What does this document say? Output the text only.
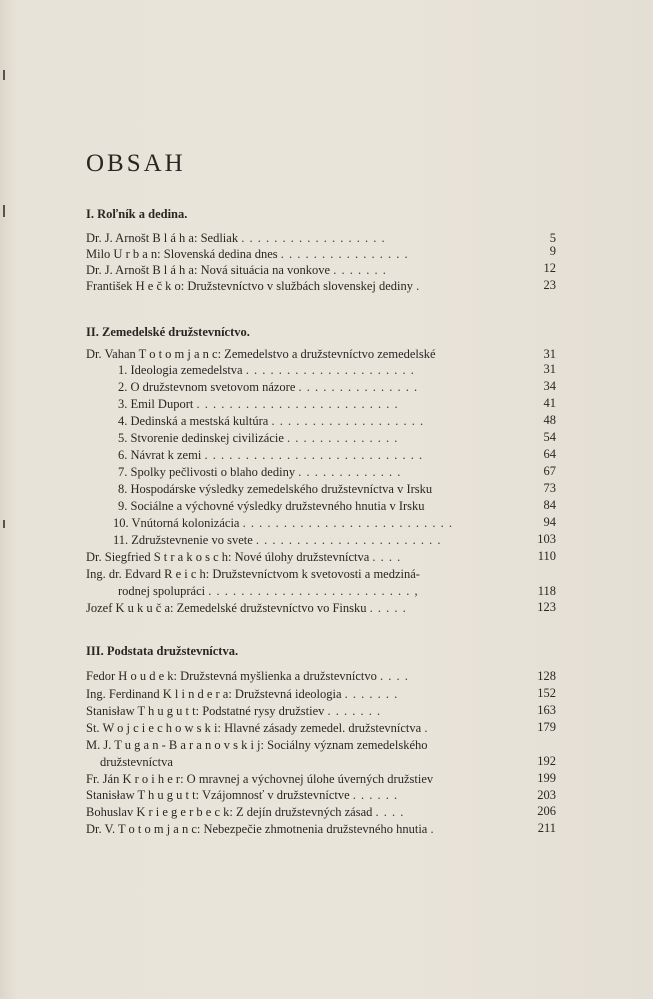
OBSAH
I. Roľník a dedina.
Dr. J. Arnošt B l á h a: Sedliak . . . . . . . . . . . . . . . . . .	5
Milo U r b a n: Slovenská dedina dnes . . . . . . . . . . . . . . . .	9
Dr. J. Arnošt B l á h a: Nová situácia na vonkove . . . . . . .	12
František H e č k o: Družstevníctvo v službách slovenskej dediny .	23
II. Zemedelské družstevníctvo.
Dr. Vahan T o t o m j a n c: Zemedelstvo a družstevníctvo zemedelské	31
1. Ideologia zemedelstva . . . . . . . . . . . . . . . . . . . . .	31
2. O družstevnom svetovom názore . . . . . . . . . . . . . . .	34
3. Emil Duport . . . . . . . . . . . . . . . . . . . . . . . . .	41
4. Dedinská a mestská kultúra . . . . . . . . . . . . . . . . . . .	48
5. Stvorenie dedinskej civilizácie . . . . . . . . . . . . . .	54
6. Návrat k zemi . . . . . . . . . . . . . . . . . . . . . . . . . . .	64
7. Spolky pečlivosti o blaho dediny . . . . . . . . . . . . .	67
8. Hospodárske výsledky zemedelského družstevníctva v Irsku	73
9. Sociálne a výchovné výsledky družstevného hnutia v Irsku	84
10. Vnútorná kolonizácia . . . . . . . . . . . . . . . . . . . . . . . . . .	94
11. Združstevnenie vo svete . . . . . . . . . . . . . . . . . . . . . . .	103
Dr. Siegfried S t r a k o s c h: Nové úlohy družstevníctva . . . .	110
Ing. dr. Edvard R e i c h: Družstevníctvom k svetovosti a medziná-
rodnej spolupráci . . . . . . . . . . . . . . . . . . . . . . . . . ,	118
Jozef K u k u č a: Zemedelské družstevníctvo vo Finsku . . . . .	123
III. Podstata družstevníctva.
Fedor H o u d e k: Družstevná myšlienka a družstevníctvo . . . .	128
Ing. Ferdinand K l i n d e r a: Družstevná ideologia . . . . . . .	152
Stanisław T h u g u t t: Podstatné rysy družstiev . . . . . . .	163
St. W o j c i e c h o w s k i: Hlavné zásady zemedel. družstevníctva .	179
M. J. T u g a n - B a r a n o v s k i j: Sociálny význam zemedelského
družstevníctva	192
Fr. Ján K r o i h e r: O mravnej a výchovnej úlohe úverných družstiev	199
Stanisław T h u g u t t: Vzájomnosť v družstevníctve . . . . . .	203
Bohuslav K r i e g e r b e c k: Z dejín družstevných zásad . . . .	206
Dr. V. T o t o m j a n c: Nebezpečie zhmotnenia družstevného hnutia .	211
